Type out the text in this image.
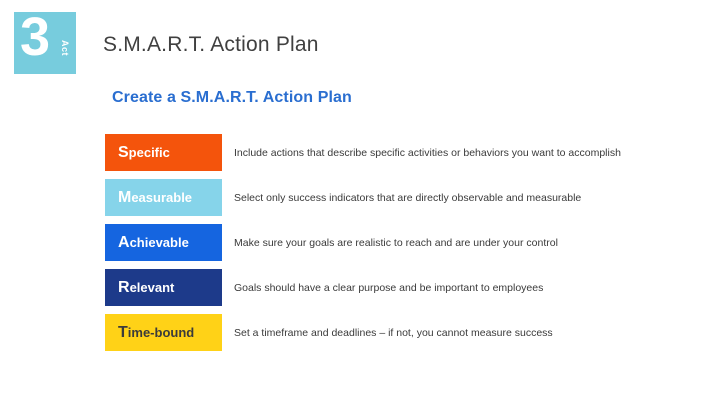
3 Act S.M.A.R.T. Action Plan
Create a S.M.A.R.T. Action Plan
Specific	Include actions that describe specific activities or behaviors you want to accomplish
Measurable	Select only success indicators that are directly observable and measurable
Achievable	Make sure your goals are realistic to reach and are under your control
Relevant	Goals should have a clear purpose and be important to employees
Time-bound	Set a timeframe and deadlines – if not, you cannot measure success
